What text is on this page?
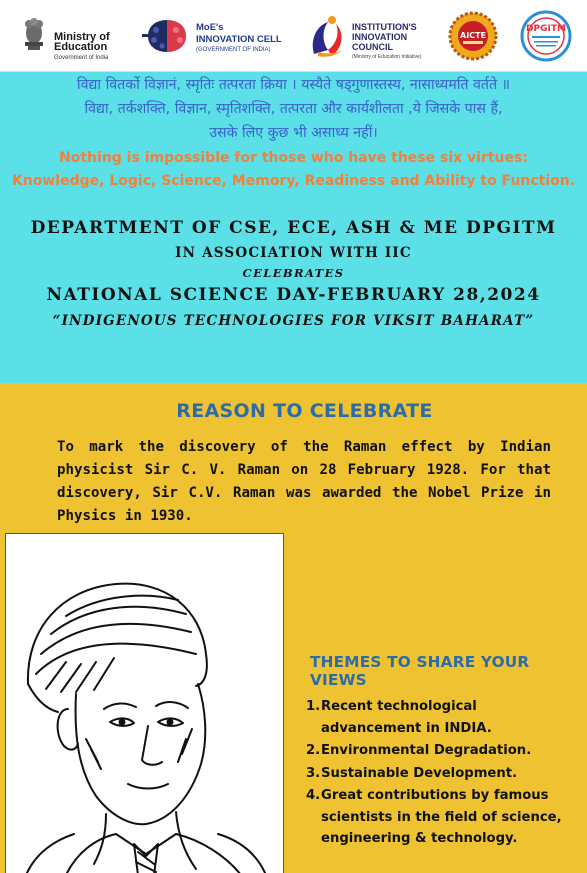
Ministry of
Education
Government of India
MoE's
INNOVATION CELL
(GOVERNMENT OF INDIA)
INSTITUTION'S
INNOVATION
COUNCIL
(Ministry of Education Initiative)
AICTE
DPGITM
विद्या वितर्को विज्ञानं, स्मृतिः तत्परता क्रिया । यस्यैते षड्गुणास्तस्य, नासाध्यमति वर्तते ॥
विद्या, तर्कशक्ति, विज्ञान, स्मृतिशक्ति, तत्परता और कार्यशीलता ,ये जिसके पास हैं,
उसके लिए कुछ भी असाध्य नहीं।
Nothing is impossible for those who have these six virtues:
Knowledge, Logic, Science, Memory, Readiness and Ability to Function.
DEPARTMENT OF CSE, ECE, ASH & ME DPGITM
IN ASSOCIATION WITH IIC
CELEBRATES
NATIONAL SCIENCE DAY-FEBRUARY 28,2024
“INDIGENOUS TECHNOLOGIES FOR VIKSIT BAHARAT”
REASON TO CELEBRATE
To mark the discovery of the Raman effect by Indian physicist Sir C. V. Raman on 28 February 1928. For that discovery, Sir C.V. Raman was awarded the Nobel Prize in Physics in 1930.
THEMES TO SHARE YOUR VIEWS
1. Recent technological advancement in INDIA.
2. Environmental Degradation.
3. Sustainable Development.
4. Great contributions by famous scientists in the field of science, engineering & technology.
